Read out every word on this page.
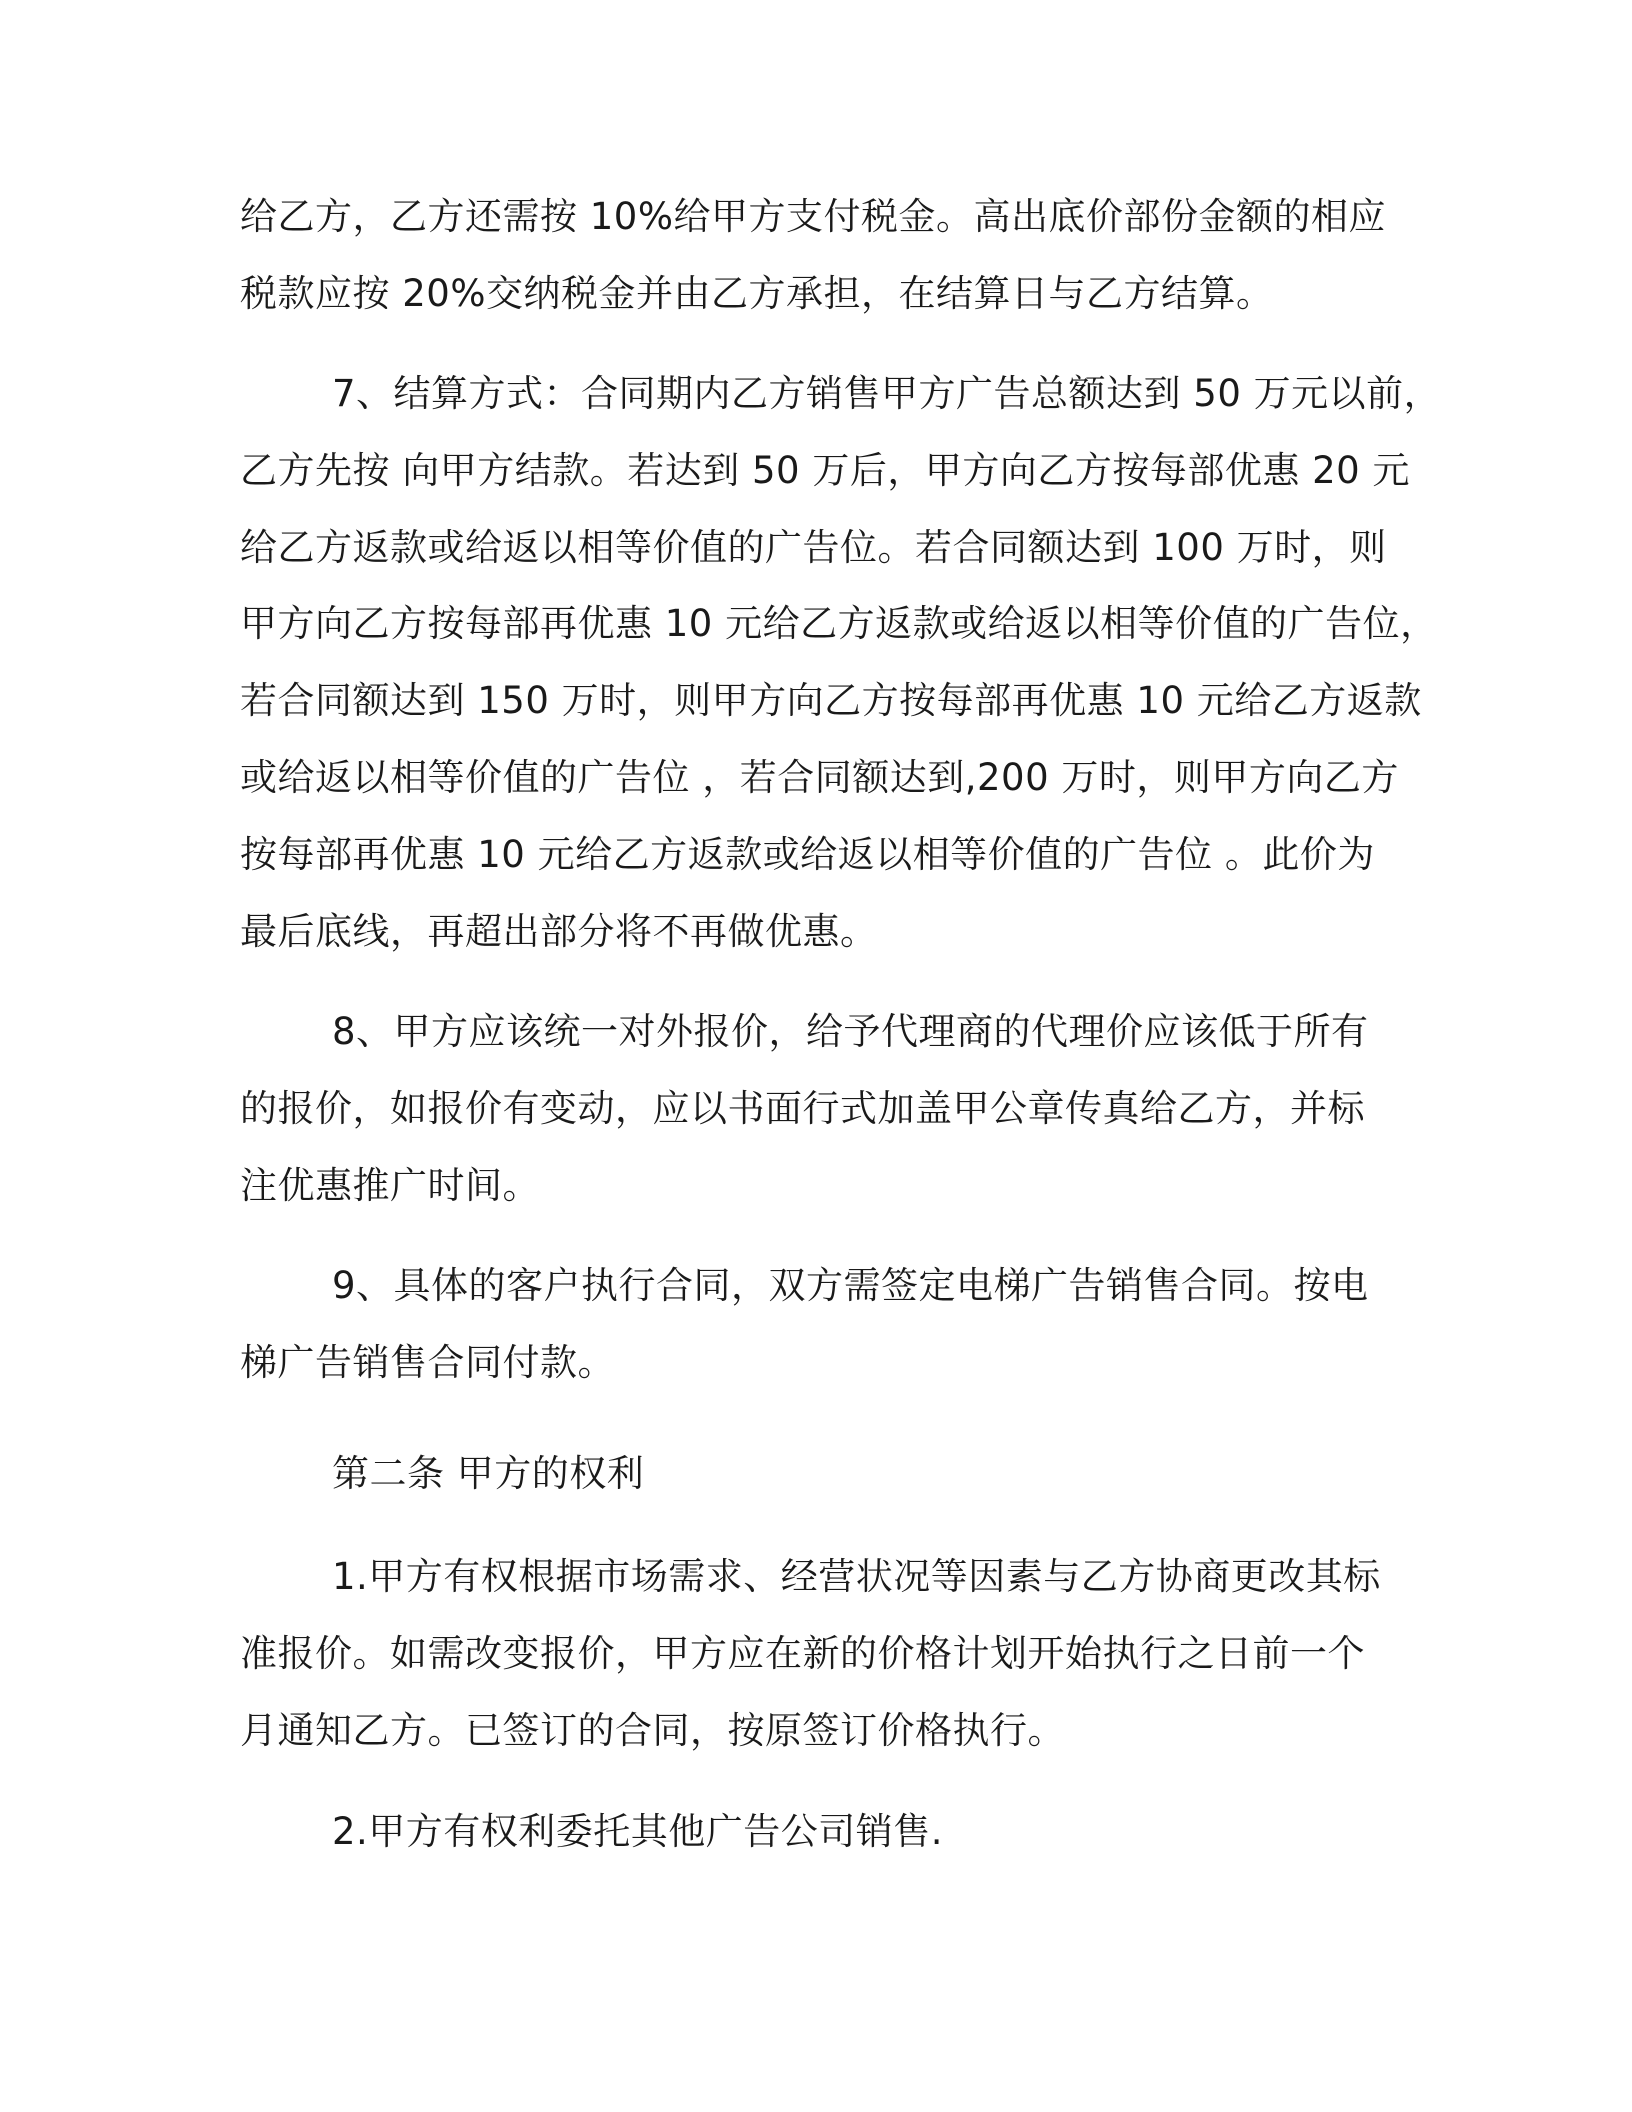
给乙方，乙方还需按 10%给甲方支付税金。高出底价部份金额的相应
税款应按 20%交纳税金并由乙方承担，在结算日与乙方结算。
7、结算方式：合同期内乙方销售甲方广告总额达到 50 万元以前，
乙方先按 向甲方结款。若达到 50 万后，甲方向乙方按每部优惠 20 元
给乙方返款或给返以相等价值的广告位。若合同额达到 100 万时，则
甲方向乙方按每部再优惠 10 元给乙方返款或给返以相等价值的广告位，
若合同额达到 150 万时，则甲方向乙方按每部再优惠 10 元给乙方返款
或给返以相等价值的广告位 ，若合同额达到,200 万时，则甲方向乙方
按每部再优惠 10 元给乙方返款或给返以相等价值的广告位 。此价为
最后底线，再超出部分将不再做优惠。
8、甲方应该统一对外报价，给予代理商的代理价应该低于所有
的报价，如报价有变动，应以书面行式加盖甲公章传真给乙方，并标
注优惠推广时间。
9、具体的客户执行合同，双方需签定电梯广告销售合同。按电
梯广告销售合同付款。
第二条 甲方的权利
1.甲方有权根据市场需求、经营状况等因素与乙方协商更改其标
准报价。如需改变报价，甲方应在新的价格计划开始执行之日前一个
月通知乙方。已签订的合同，按原签订价格执行。
2.甲方有权利委托其他广告公司销售.
